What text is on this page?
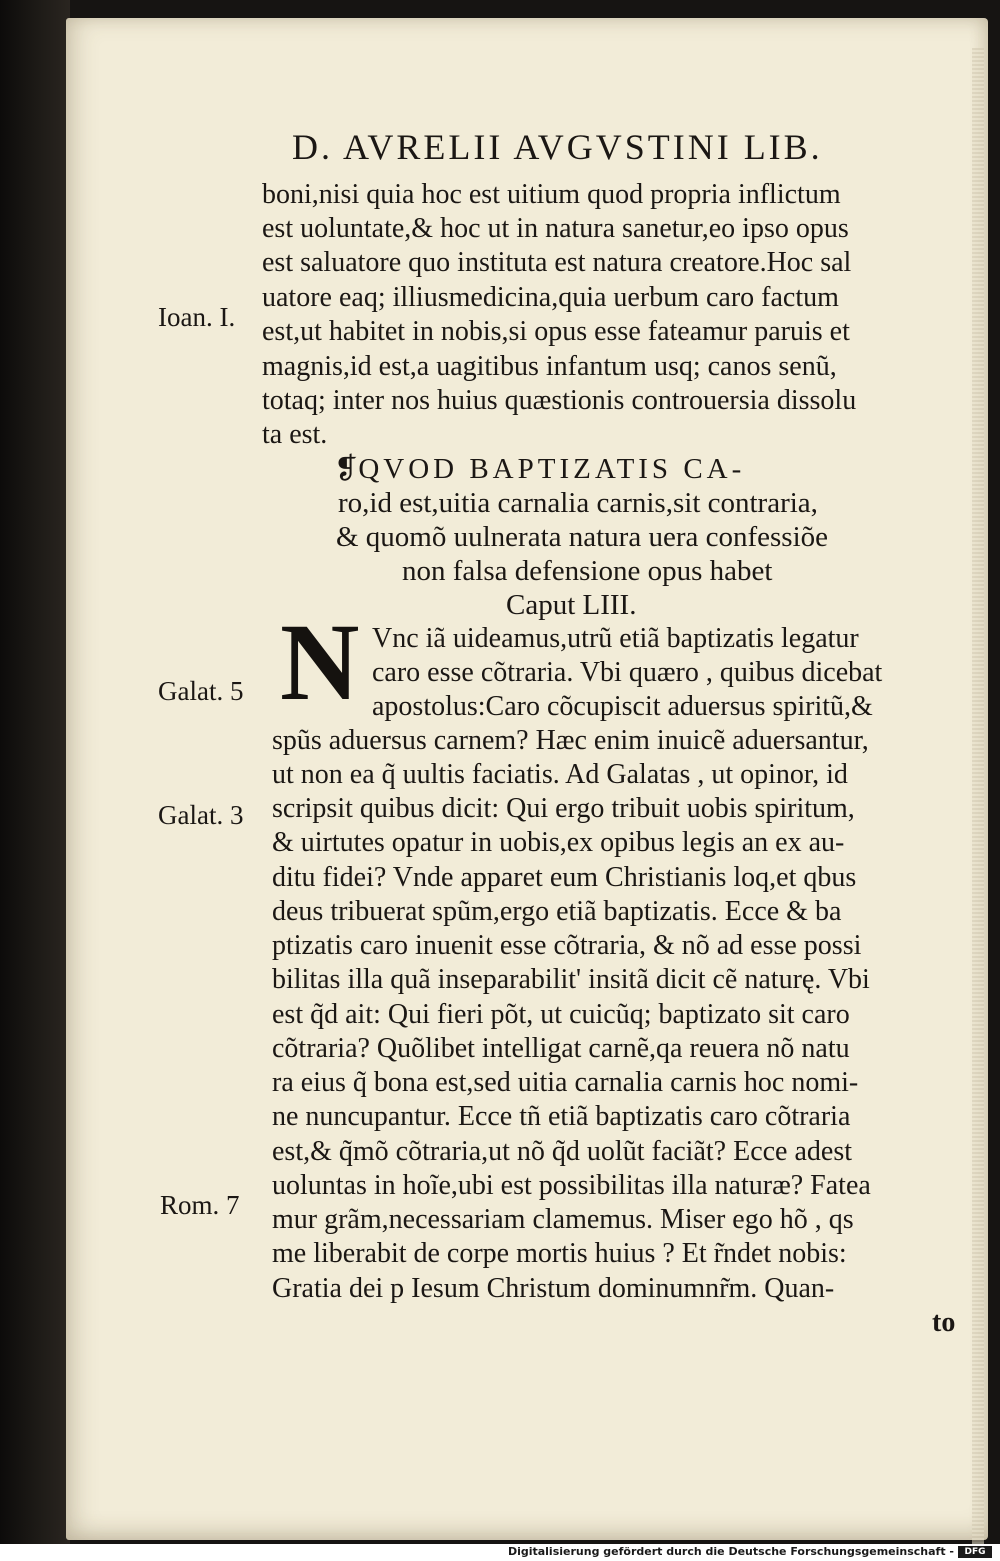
D. AVRELII AVGVSTINI LIB.
boni,nisi quia hoc est uitium quod propria inflictum
est uoluntate,& hoc ut in natura sanetur,eo ipso opus
est saluatore quo instituta est natura creatore.Hoc sal
uatore eaq; illiusmedicina,quia uerbum caro factum
est,ut habitet in nobis,si opus esse fateamur paruis et
magnis,id est,a uagitibus infantum usq; canos senũ,
totaq; inter nos huius quæstionis controuersia dissolu
ta est.
❡QVOD BAPTIZATIS CA-
ro,id est,uitia carnalia carnis,sit contraria,
& quomõ uulnerata natura uera confessiõe
non falsa defensione opus habet
Caput LIII.
N Vnc iã uideamus,utrũ etiã baptizatis legatur
caro esse cõtraria. Vbi quæro , quibus dicebat
apostolus:Caro cõcupiscit aduersus spiritũ,&
spũs aduersus carnem? Hæc enim inuicẽ aduersantur,
ut non ea q̃ uultis faciatis. Ad Galatas , ut opinor, id
scripsit quibus dicit: Qui ergo tribuit uobis spiritum,
& uirtutes opatur in uobis,ex opibus legis an ex au-
ditu fidei? Vnde apparet eum Christianis loq,et qbus
deus tribuerat spũm,ergo etiã baptizatis. Ecce & ba
ptizatis caro inuenit esse cõtraria, & nõ ad esse possi
bilitas illa quã inseparabilit' insitã dicit cẽ naturę. Vbi
est q̃d ait: Qui fieri põt, ut cuicũq; baptizato sit caro
cõtraria? Quõlibet intelligat carnẽ,qa reuera nõ natu
ra eius q̃ bona est,sed uitia carnalia carnis hoc nomi-
ne nuncupantur. Ecce tñ etiã baptizatis caro cõtraria
est,& q̃mõ cõtraria,ut nõ q̃d uolũt faciãt? Ecce adest
uoluntas in hoĩe,ubi est possibilitas illa naturæ? Fatea
mur grãm,necessariam clamemus. Miser ego hõ , qs
me liberabit de corpe mortis huius ? Et r̃ndet nobis:
Gratia dei p Iesum Christum dominumnr̃m. Quan-
to
Ioan. I.
Galat. 5
Galat. 3
Rom. 7
Digitalisierung gefördert durch die Deutsche Forschungsgemeinschaft -	DFG
